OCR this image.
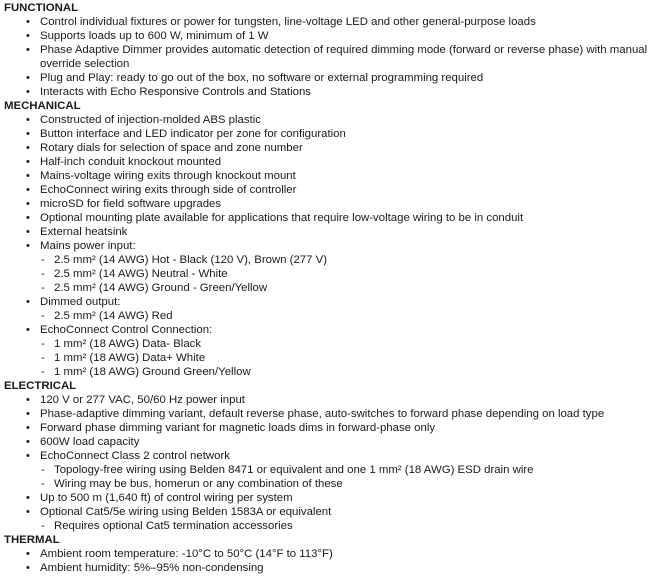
FUNCTIONAL
• Control individual fixtures or power for tungsten, line-voltage LED and other general-purpose loads
• Supports loads up to 600 W, minimum of 1 W
• Phase Adaptive Dimmer provides automatic detection of required dimming mode (forward or reverse phase) with manual override selection
• Plug and Play: ready to go out of the box, no software or external programming required
• Interacts with Echo Responsive Controls and Stations
MECHANICAL
• Constructed of injection-molded ABS plastic
• Button interface and LED indicator per zone for configuration
• Rotary dials for selection of space and zone number
• Half-inch conduit knockout mounted
• Mains-voltage wiring exits through knockout mount
• EchoConnect wiring exits through side of controller
• microSD for field software upgrades
• Optional mounting plate available for applications that require low-voltage wiring to be in conduit
• External heatsink
• Mains power input:
- 2.5 mm² (14 AWG) Hot - Black (120 V), Brown (277 V)
- 2.5 mm² (14 AWG) Neutral - White
- 2.5 mm² (14 AWG) Ground - Green/Yellow
• Dimmed output:
- 2.5 mm² (14 AWG) Red
• EchoConnect Control Connection:
- 1 mm² (18 AWG) Data- Black
- 1 mm² (18 AWG) Data+ White
- 1 mm² (18 AWG) Ground Green/Yellow
ELECTRICAL
• 120 V or 277 VAC, 50/60 Hz power input
• Phase-adaptive dimming variant, default reverse phase, auto-switches to forward phase depending on load type
• Forward phase dimming variant for magnetic loads dims in forward-phase only
• 600W load capacity
• EchoConnect Class 2 control network
- Topology-free wiring using Belden 8471 or equivalent and one 1 mm² (18 AWG) ESD drain wire
- Wiring may be bus, homerun or any combination of these
• Up to 500 m (1,640 ft) of control wiring per system
• Optional Cat5/5e wiring using Belden 1583A or equivalent
- Requires optional Cat5 termination accessories
THERMAL
• Ambient room temperature: -10°C to 50°C (14°F to 113°F)
• Ambient humidity: 5%–95% non-condensing
